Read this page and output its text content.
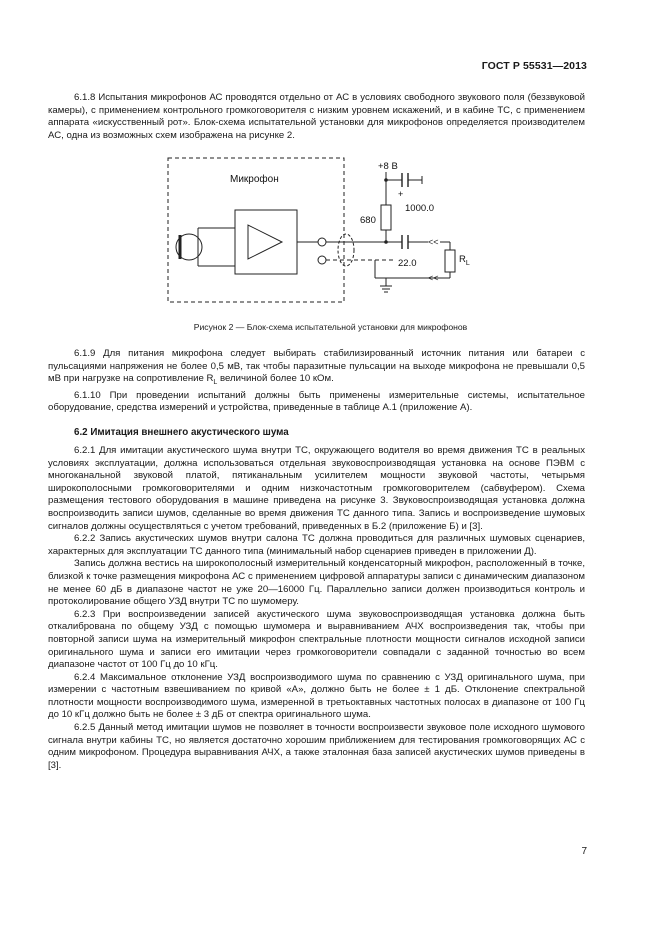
ГОСТ Р 55531—2013

6.1.8 Испытания микрофонов АС проводятся отдельно от АС в условиях свободного звукового поля (беззвуковой камеры), с применением контрольного громкоговорителя с низким уровнем искажений, и в кабине ТС, с применением аппарата «искусственный рот». Блок-схема испытательной установки для микрофонов определяется производителем АС, одна из возможных схем изображена на рисунке 2.

Микрофон
+8 В
+
1000.0
680
22.0
<<
<<
$R_L$
Рисунок 2 — Блок-схема испытательной установки для микрофонов

6.1.9 Для питания микрофона следует выбирать стабилизированный источник питания или батареи с пульсациями напряжения не более 0,5 мВ, так чтобы паразитные пульсации на выходе микрофона не превышали 0,5 мВ при нагрузке на сопротивление $R_L$ величиной более 10 кОм.

6.1.10 При проведении испытаний должны быть применены измерительные системы, испытательное оборудование, средства измерений и устройства, приведенные в таблице А.1 (приложение А).

6.2 Имитация внешнего акустического шума

6.2.1 Для имитации акустического шума внутри ТС, окружающего водителя во время движения ТС в реальных условиях эксплуатации, должна использоваться отдельная звуковоспроизводящая установка на основе ПЭВМ с многоканальной звуковой платой, пятиканальным усилителем мощности звуковой частоты, четырьмя широкополосными громкоговорителями и одним низкочастотным громкоговорителем (сабвуфером). Схема размещения тестового оборудования в машине приведена на рисунке 3. Звуковоспроизводящая установка должна воспроизводить записи шумов, сделанные во время движения ТС данного типа. Запись и воспроизведение шумовых сигналов должны осуществляться с учетом требований, приведенных в Б.2 (приложение Б) и [3].

6.2.2 Запись акустических шумов внутри салона ТС должна проводиться для различных шумовых сценариев, характерных для эксплуатации ТС данного типа (минимальный набор сценариев приведен в приложении Д).

Запись должна вестись на широкополосный измерительный конденсаторный микрофон, расположенный в точке, близкой к точке размещения микрофона АС с применением цифровой аппаратуры записи с динамическим диапазоном не менее 60 дБ в диапазоне частот не уже 20—16000 Гц. Параллельно записи должен производиться контроль и протоколирование общего УЗД внутри ТС по шумомеру.

6.2.3 При воспроизведении записей акустического шума звуковоспроизводящая установка должна быть откалибрована по общему УЗД с помощью шумомера и выравниванием АЧХ воспроизведения так, чтобы при повторной записи шума на измерительный микрофон спектральные плотности мощности сигналов исходной записи оригинального шума и записи его имитации через громкоговорители совпадали с заданной точностью во всем диапазоне частот от 100 Гц до 10 кГц.

6.2.4 Максимальное отклонение УЗД воспроизводимого шума по сравнению с УЗД оригинального шума, при измерении с частотным взвешиванием по кривой «А», должно быть не более ± 1 дБ. Отклонение спектральной плотности мощности воспроизводимого шума, измеренной в третьоктавных частотных полосах в диапазоне от 100 Гц до 10 кГц должно быть не более ± 3 дБ от спектра оригинального шума.

6.2.5 Данный метод имитации шумов не позволяет в точности воспроизвести звуковое поле исходного шумового сигнала внутри кабины ТС, но является достаточно хорошим приближением для тестирования громкоговорящих АС с одним микрофоном. Процедура выравнивания АЧХ, а также эталонная база записей акустических шумов приведены в [3].

7
